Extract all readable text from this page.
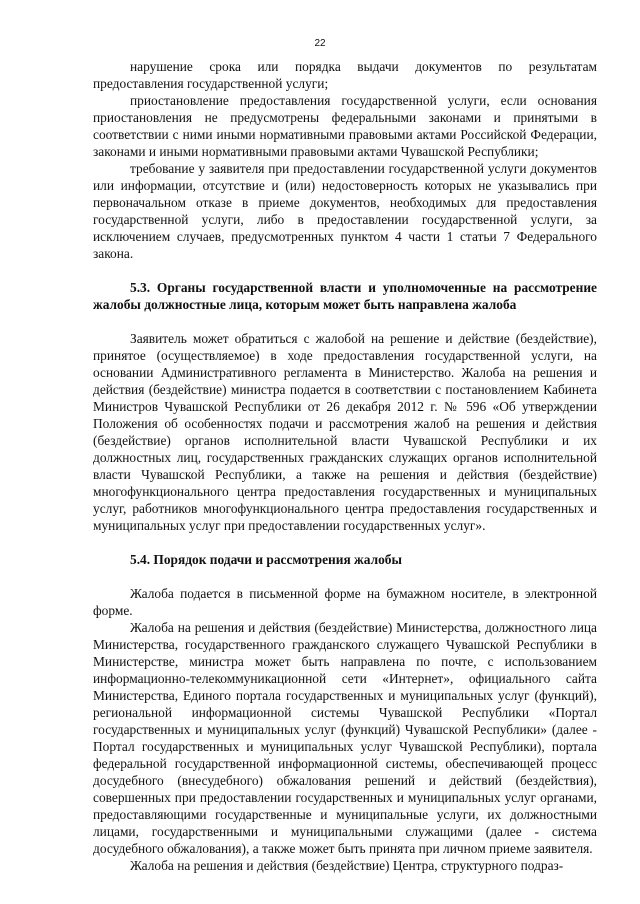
22

нарушение срока или порядка выдачи документов по результатам предоставления государственной услуги;

приостановление предоставления государственной услуги, если основания приостановления не предусмотрены федеральными законами и принятыми в соответствии с ними иными нормативными правовыми актами Российской Федерации, законами и иными нормативными правовыми актами Чувашской Республики;

требование у заявителя при предоставлении государственной услуги документов или информации, отсутствие и (или) недостоверность которых не указывались при первоначальном отказе в приеме документов, необходимых для предоставления государственной услуги, либо в предоставлении государственной услуги, за исключением случаев, предусмотренных пунктом 4 части 1 статьи 7 Федерального закона.

5.3. Органы государственной власти и уполномоченные на рассмотрение жалобы должностные лица, которым может быть направлена жалоба

Заявитель может обратиться с жалобой на решение и действие (бездействие), принятое (осуществляемое) в ходе предоставления государственной услуги, на основании Административного регламента в Министерство. Жалоба на решения и действия (бездействие) министра подается в соответствии с постановлением Кабинета Министров Чувашской Республики от 26 декабря 2012 г. № 596 «Об утверждении Положения об особенностях подачи и рассмотрения жалоб на решения и действия (бездействие) органов исполнительной власти Чувашской Республики и их должностных лиц, государственных гражданских служащих органов исполнительной власти Чувашской Республики, а также на решения и действия (бездействие) многофункционального центра предоставления государственных и муниципальных услуг, работников многофункционального центра предоставления государственных и муниципальных услуг при предоставлении государственных услуг».

5.4. Порядок подачи и рассмотрения жалобы

Жалоба подается в письменной форме на бумажном носителе, в электронной форме.

Жалоба на решения и действия (бездействие) Министерства, должностного лица Министерства, государственного гражданского служащего Чувашской Республики в Министерстве, министра может быть направлена по почте, с использованием информационно-телекоммуникационной сети «Интернет», официального сайта Министерства, Единого портала государственных и муниципальных услуг (функций), региональной информационной системы Чувашской Республики «Портал государственных и муниципальных услуг (функций) Чувашской Республики» (далее - Портал государственных и муниципальных услуг Чувашской Республики), портала федеральной государственной информационной системы, обеспечивающей процесс досудебного (внесудебного) обжалования решений и действий (бездействия), совершенных при предоставлении государственных и муниципальных услуг органами, предоставляющими государственные и муниципальные услуги, их должностными лицами, государственными и муниципальными служащими (далее - система досудебного обжалования), а также может быть принята при личном приеме заявителя.

Жалоба на решения и действия (бездействие) Центра, структурного подраз-
